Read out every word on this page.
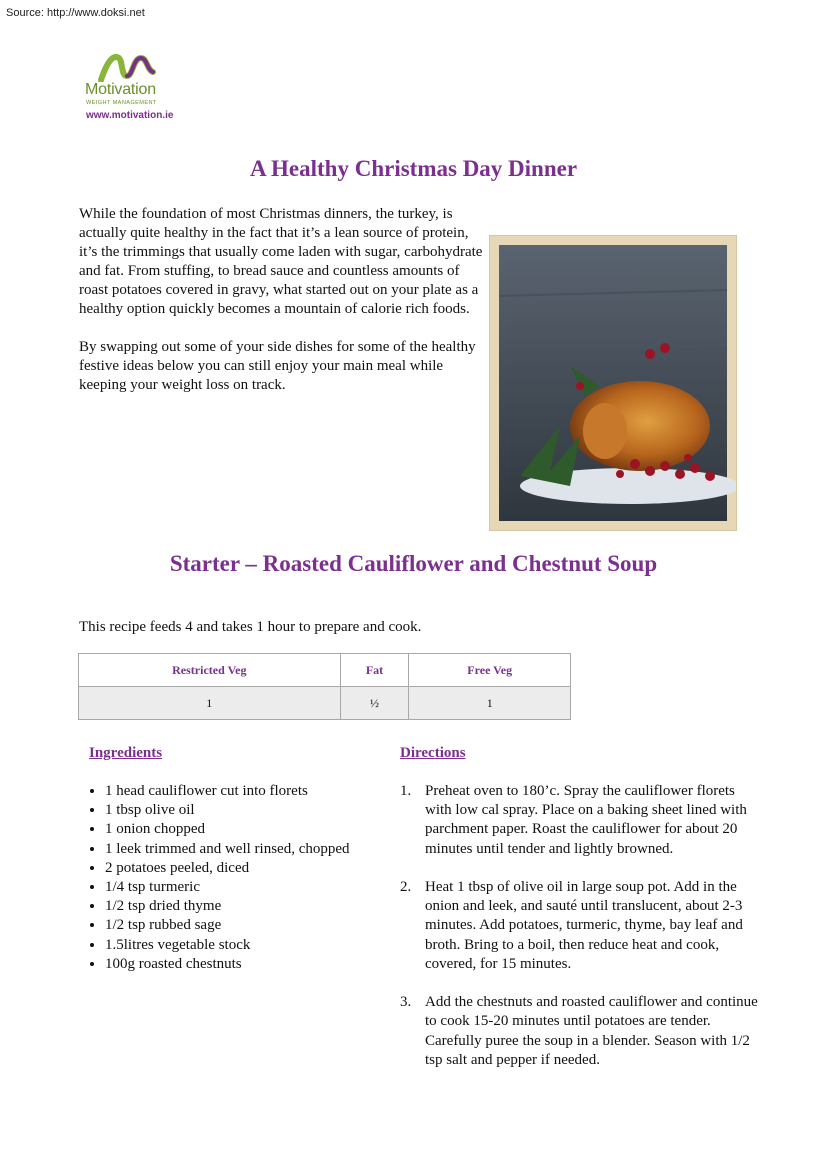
Source: http://www.doksi.net
Motivation
WEIGHT MANAGEMENT
www.motivation.ie
A Healthy Christmas Day Dinner

While the foundation of most Christmas dinners, the turkey, is actually quite healthy in the fact that it’s a lean source of protein, it’s the trimmings that usually come laden with sugar, carbohydrate and fat. From stuffing, to bread sauce and countless amounts of roast potatoes covered in gravy, what started out on your plate as a healthy option quickly becomes a mountain of calorie rich foods.

By swapping out some of your side dishes for some of the healthy festive ideas below you can still enjoy your main meal while keeping your weight loss on track.

Starter – Roasted Cauliflower and Chestnut Soup
This recipe feeds 4 and takes 1 hour to prepare and cook.
Restricted Veg	Fat	Free Veg
1	½	1
Ingredients	Directions
• 1 head cauliflower cut into florets
• 1 tbsp olive oil
• 1 onion chopped
• 1 leek trimmed and well rinsed, chopped
• 2 potatoes peeled, diced
• 1/4 tsp turmeric
• 1/2 tsp dried thyme
• 1/2 tsp rubbed sage
• 1.5litres vegetable stock
• 100g roasted chestnuts
1. Preheat oven to 180’c. Spray the cauliflower florets with low cal spray. Place on a baking sheet lined with parchment paper. Roast the cauliflower for about 20 minutes until tender and lightly browned.
2. Heat 1 tbsp of olive oil in large soup pot. Add in the onion and leek, and sauté until translucent, about 2-3 minutes. Add potatoes, turmeric, thyme, bay leaf and broth. Bring to a boil, then reduce heat and cook, covered, for 15 minutes.
3. Add the chestnuts and roasted cauliflower and continue to cook 15-20 minutes until potatoes are tender. Carefully puree the soup in a blender. Season with 1/2 tsp salt and pepper if needed.
